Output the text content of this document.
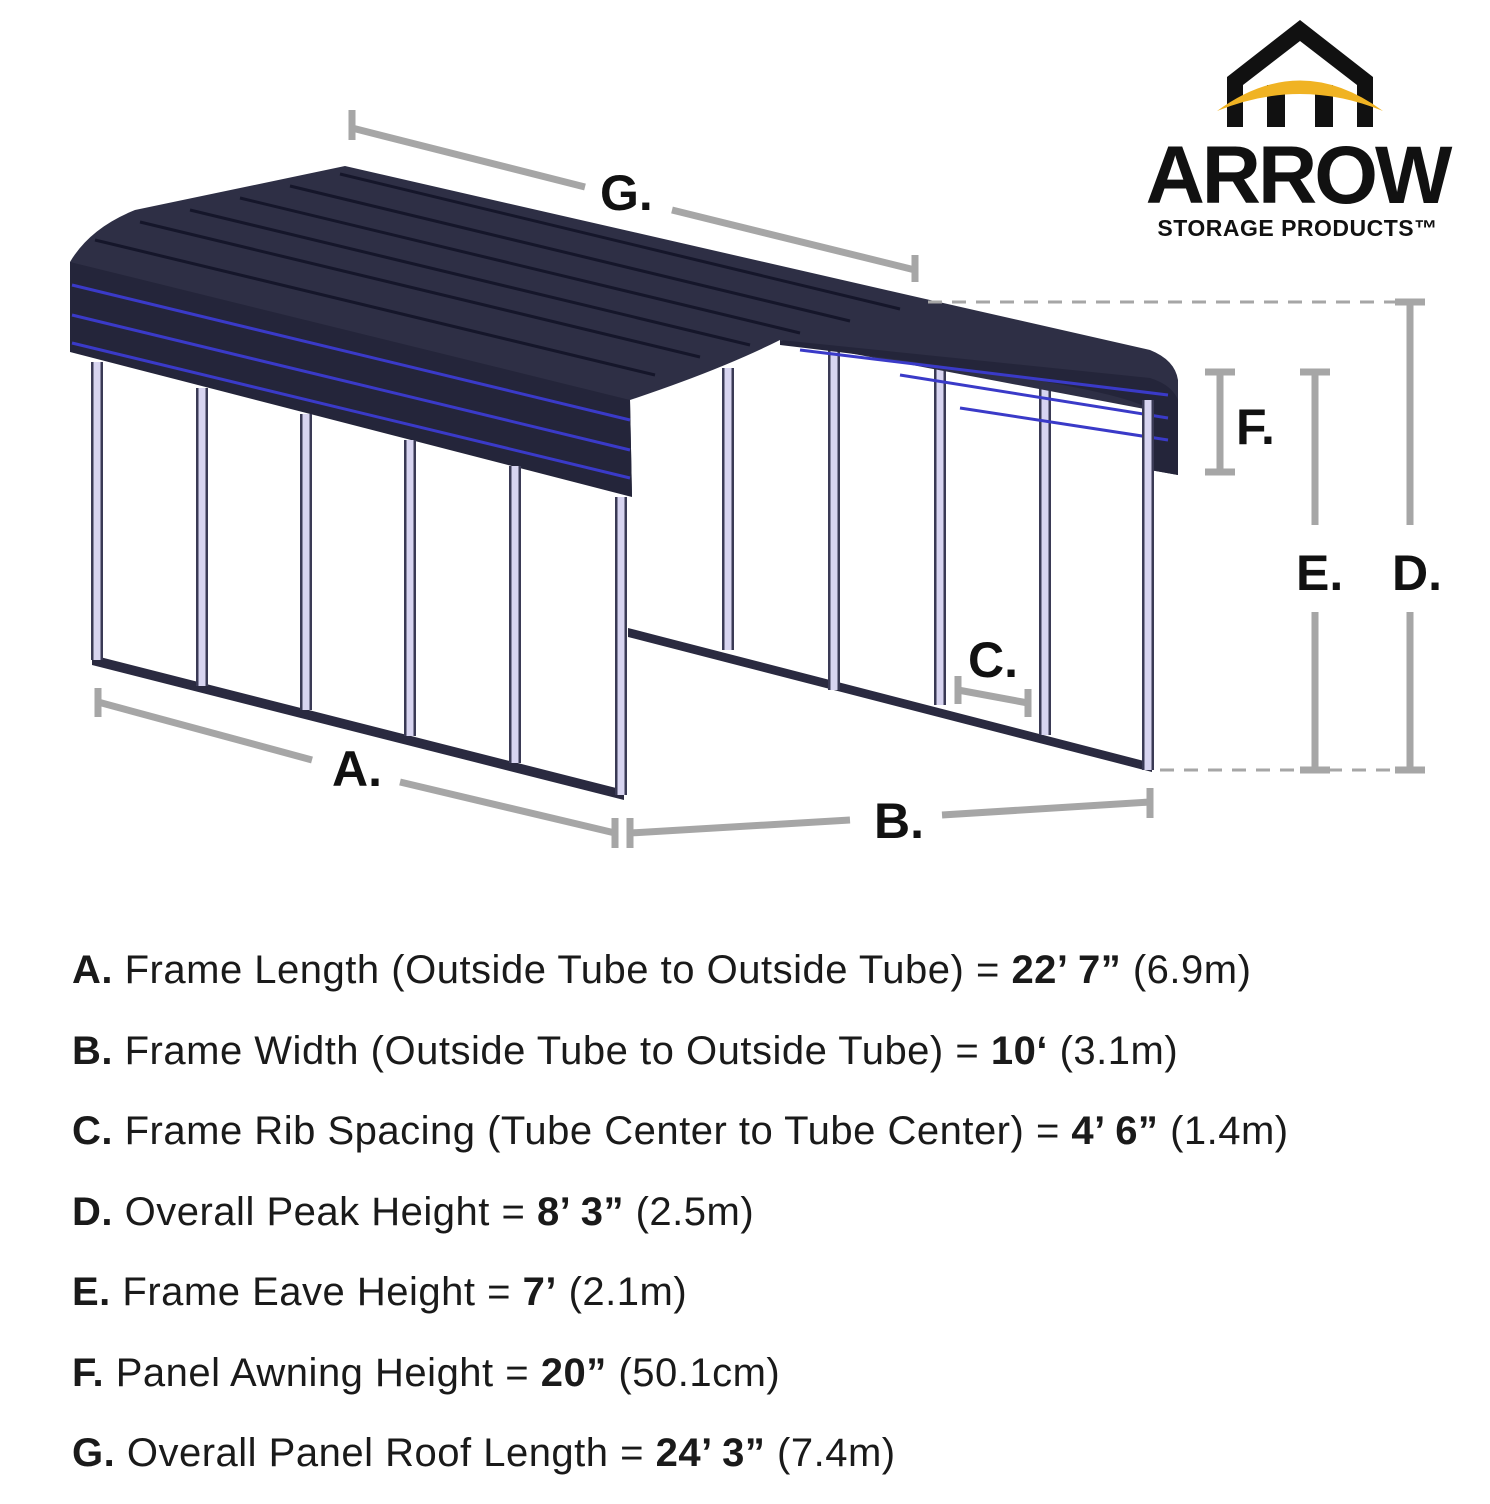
G.
A.
B.
C.
F.
E. D.
ARROW
STORAGE PRODUCTS™
A. Frame Length (Outside Tube to Outside Tube) = 22’ 7” (6.9m)
B. Frame Width (Outside Tube to Outside Tube) = 10‘ (3.1m)
C. Frame Rib Spacing (Tube Center to Tube Center) = 4’ 6” (1.4m)
D. Overall Peak Height = 8’ 3” (2.5m)
E. Frame Eave Height = 7’ (2.1m)
F. Panel Awning Height = 20” (50.1cm)
G. Overall Panel Roof Length = 24’ 3” (7.4m)
